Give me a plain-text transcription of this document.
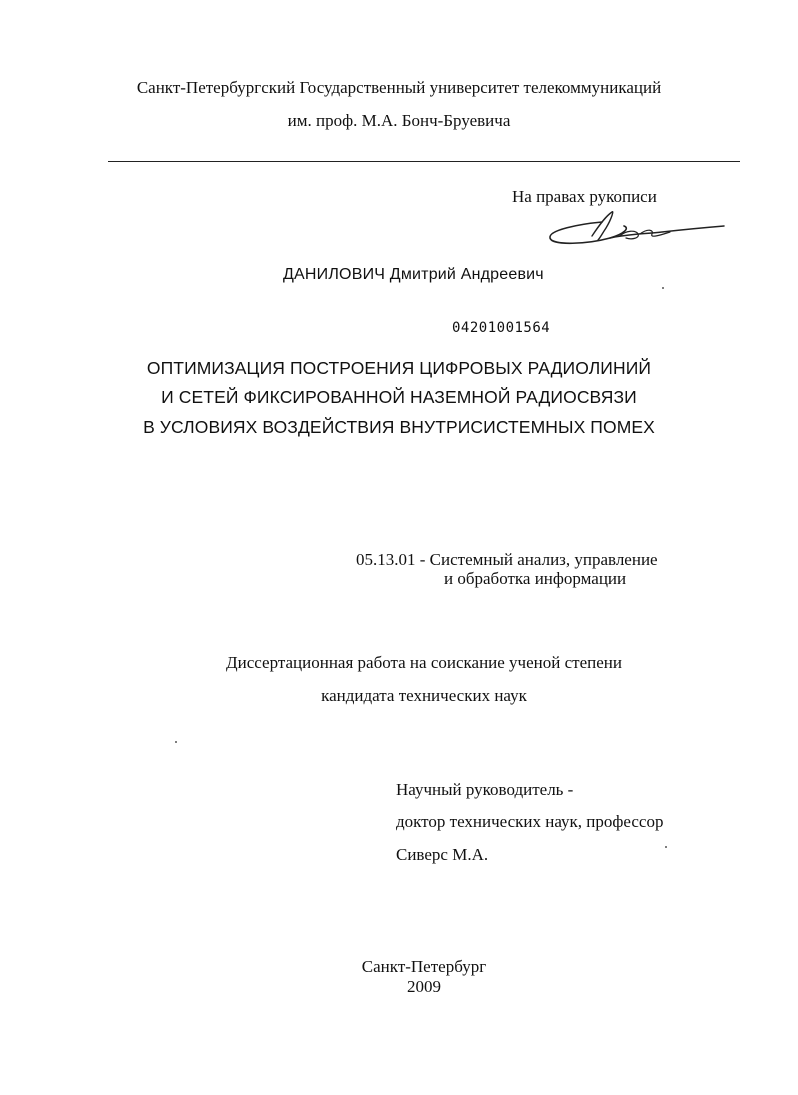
Санкт-Петербургский Государственный университет телекоммуникаций
им. проф. М.А. Бонч-Бруевича
На правах рукописи
ДАНИЛОВИЧ Дмитрий Андреевич
04201001564
ОПТИМИЗАЦИЯ ПОСТРОЕНИЯ ЦИФРОВЫХ РАДИОЛИНИЙ
И СЕТЕЙ ФИКСИРОВАННОЙ НАЗЕМНОЙ РАДИОСВЯЗИ
В УСЛОВИЯХ ВОЗДЕЙСТВИЯ ВНУТРИСИСТЕМНЫХ ПОМЕХ
05.13.01 - Системный анализ, управление
и обработка информации
Диссертационная работа на соискание ученой степени
кандидата технических наук
Научный руководитель -
доктор технических наук, профессор
Сиверс М.А.
Санкт-Петербург
2009
